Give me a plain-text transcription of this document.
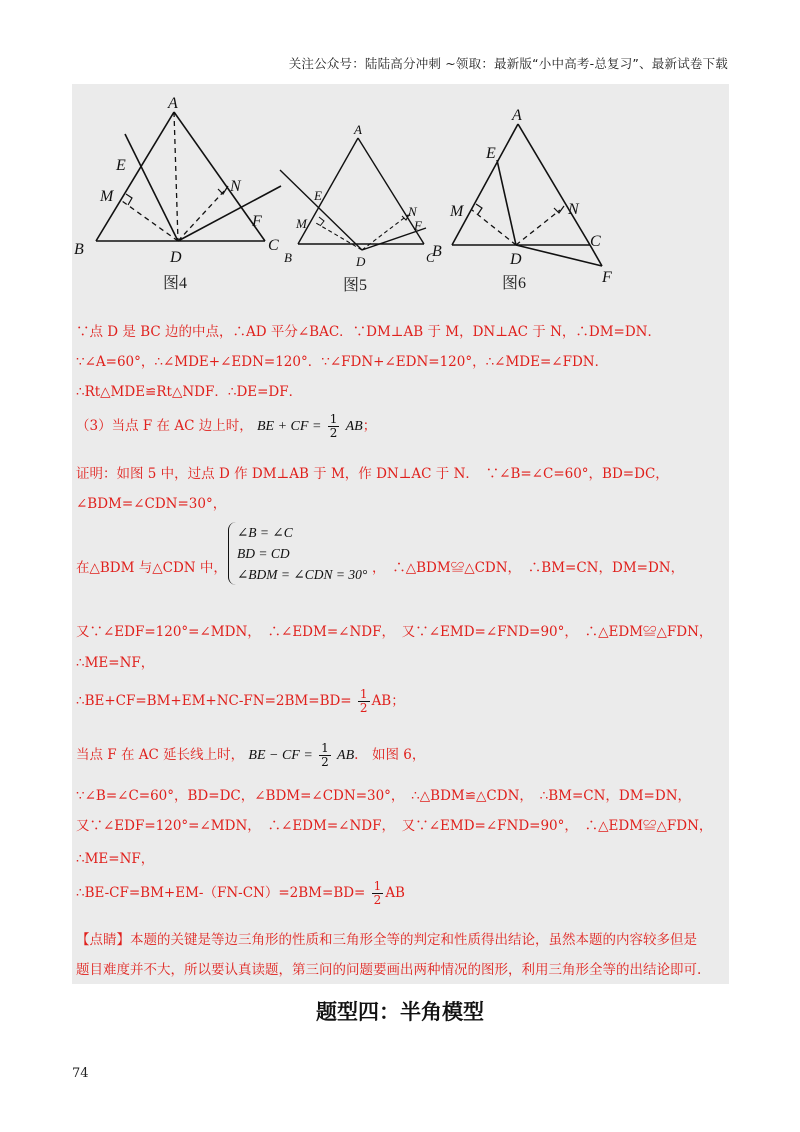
关注公众号：陆陆高分冲刺 ~领取：最新版“小中高考-总复习”、最新试卷下载
A
E
M
N
F
B	D
C
图4
A
E
N
M	F
B	D	C
图5
A
E
M	N
B	D
C
F
图6
∵点 D 是 BC 边的中点，∴AD 平分∠BAC．∵DM⊥AB 于 M，DN⊥AC 于 N，∴DM=DN．
∵∠A=60°，∴∠MDE+∠EDN=120°．∵∠FDN+∠EDN=120°，∴∠MDE=∠FDN．
∴Rt△MDE≌Rt△NDF．∴DE=DF．
（3）当点 F 在 AC 边上时， BE + CF = $\frac{1}{2}$ AB；
证明：如图 5 中，过点 D 作 DM⊥AB 于 M，作 DN⊥AC 于 N．　∵∠B=∠C=60°，BD=DC，
∠BDM=∠CDN=30°，
在△BDM 与△CDN 中，
∠B = ∠C
BD = CD
∠BDM = ∠CDN = 30° ，　∴△BDM≌△CDN，　∴BM=CN，DM=DN，
又∵∠EDF=120°=∠MDN，　∴∠EDM=∠NDF，　又∵∠EMD=∠FND=90°，　∴△EDM≌△FDN，
∴ME=NF，
∴BE+CF=BM+EM+NC-FN=2BM=BD= $\frac{1}{2}$ AB；
当点 F 在 AC 延长线上时， BE − CF = $\frac{1}{2}$ AB.　如图 6，
∵∠B=∠C=60°，BD=DC，∠BDM=∠CDN=30°，　∴△BDM≌△CDN，　∴BM=CN，DM=DN，
又∵∠EDF=120°=∠MDN，　∴∠EDM=∠NDF，　又∵∠EMD=∠FND=90°，　∴△EDM≌△FDN，
∴ME=NF，
∴BE-CF=BM+EM-（FN-CN）=2BM=BD= $\frac{1}{2}$ AB
【点睛】本题的关键是等边三角形的性质和三角形全等的判定和性质得出结论，虽然本题的内容较多但是
题目难度并不大，所以要认真读题，第三问的问题要画出两种情况的图形，利用三角形全等的出结论即可.
题型四：半角模型
74
